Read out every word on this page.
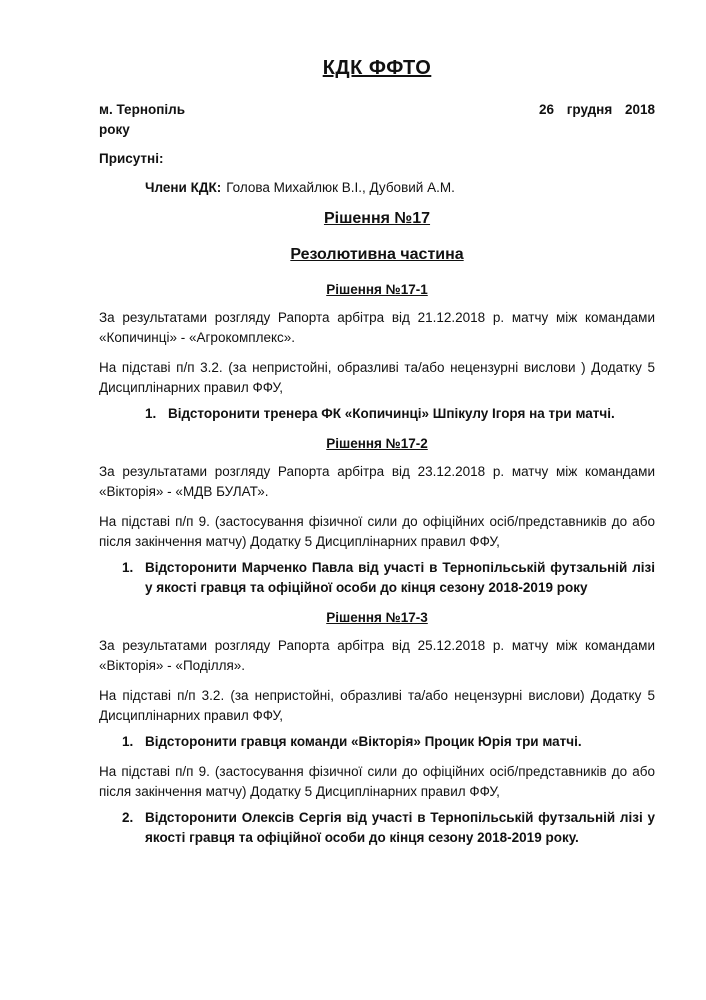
КДК ФФТО
м. Тернопіль	26 грудня 2018
року
Присутні:
Члени КДК: Голова Михайлюк В.І., Дубовий А.М.
Рішення №17
Резолютивна частина
Рішення №17-1

За результатами розгляду Рапорта арбітра від 21.12.2018 р. матчу між командами «Копичинці» - «Агрокомплекс».

На підставі п/п 3.2. (за непристойні, образливі та/або нецензурні вислови ) Додатку 5 Дисциплінарних правил ФФУ,

1. Відсторонити тренера ФК «Копичинці» Шпікулу Ігоря на три матчі.
Рішення №17-2

За результатами розгляду Рапорта арбітра від 23.12.2018 р. матчу між командами «Вікторія» - «МДВ БУЛАТ».

На підставі п/п 9. (застосування фізичної сили до офіційних осіб/представників до або після закінчення матчу) Додатку 5 Дисциплінарних правил ФФУ,

1. Відсторонити Марченко Павла від участі в Тернопільській футзальній лізі у якості гравця та офіційної особи до кінця сезону 2018-2019 року
Рішення №17-3

За результатами розгляду Рапорта арбітра від 25.12.2018 р. матчу між командами «Вікторія» - «Поділля».

На підставі п/п 3.2. (за непристойні, образливі та/або нецензурні вислови) Додатку 5 Дисциплінарних правил ФФУ,

1. Відсторонити гравця команди «Вікторія» Процик Юрія три матчі.

На підставі п/п 9. (застосування фізичної сили до офіційних осіб/представників до або після закінчення матчу) Додатку 5 Дисциплінарних правил ФФУ,

2. Відсторонити Олексів Сергія від участі в Тернопільській футзальній лізі у якості гравця та офіційної особи до кінця сезону 2018-2019 року.
